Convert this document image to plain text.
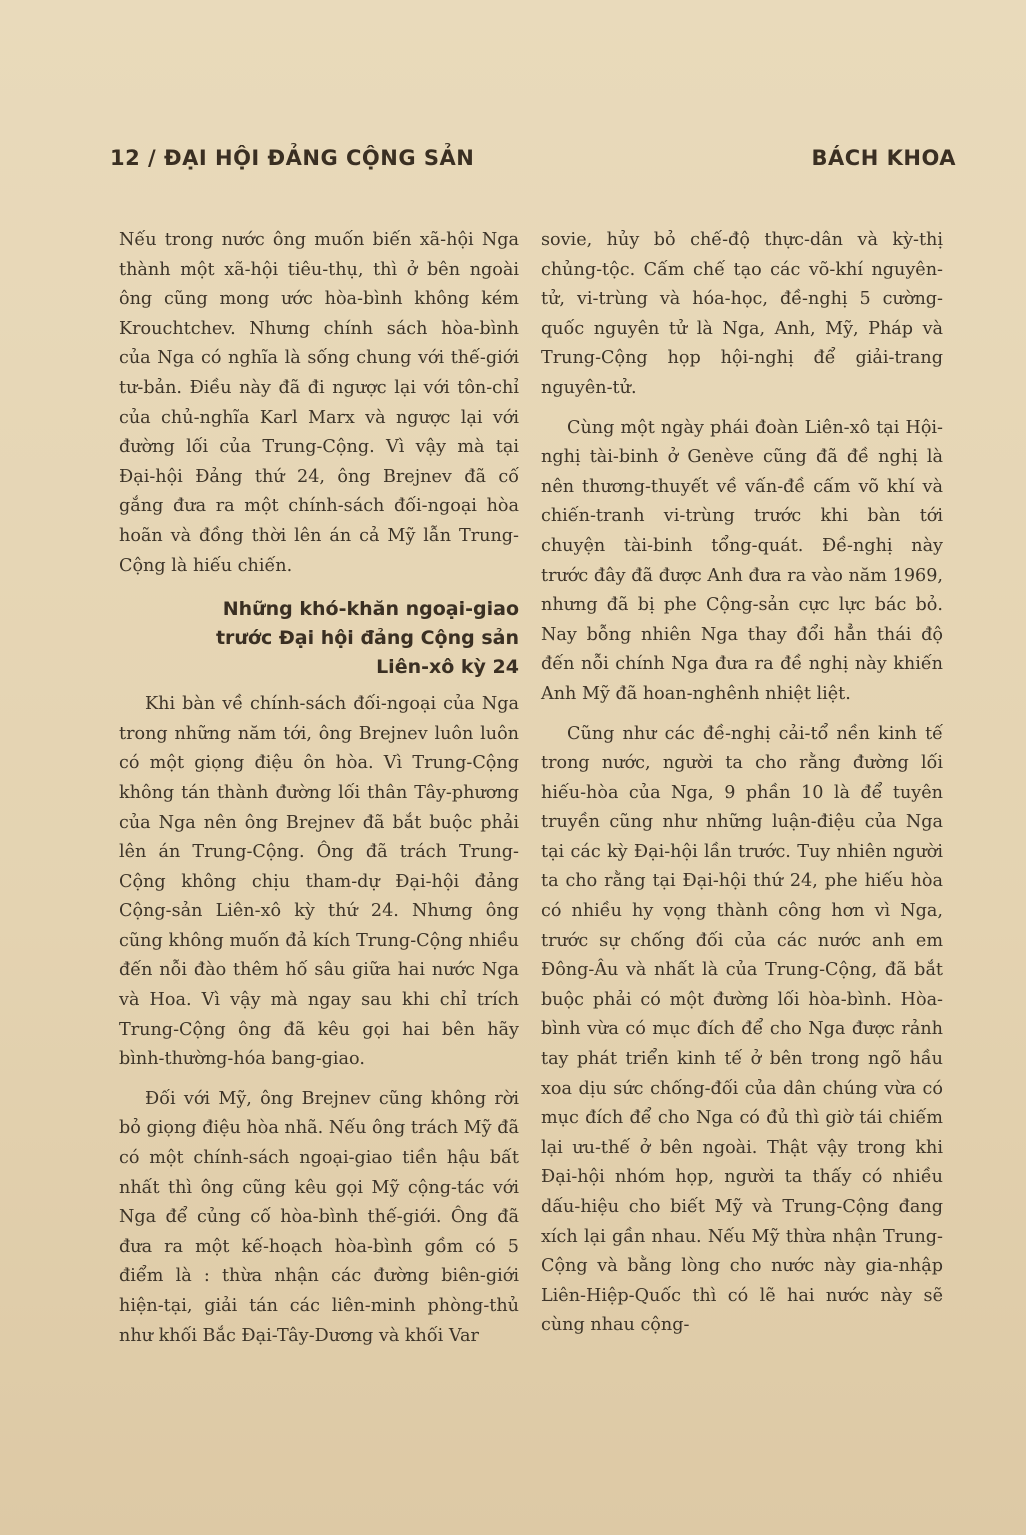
12 / ĐẠI HỘI ĐẢNG CỘNG SẢN	BÁCH KHOA

Nếu trong nước ông muốn biến xã-hội Nga thành một xã-hội tiêu-thụ, thì ở bên ngoài ông cũng mong ước hòa-bình không kém Krouchtchev. Nhưng chính sách hòa-bình của Nga có nghĩa là sống chung với thế-giới tư-bản. Điều này đã đi ngược lại với tôn-chỉ của chủ-nghĩa Karl Marx và ngược lại với đường lối của Trung-Cộng. Vì vậy mà tại Đại-hội Đảng thứ 24, ông Brejnev đã cố gắng đưa ra một chính-sách đối-ngoại hòa hoãn và đồng thời lên án cả Mỹ lẫn Trung-Cộng là hiếu chiến.

Những khó-khăn ngoại-giao
trước Đại hội đảng Cộng sản
Liên-xô kỳ 24

Khi bàn về chính-sách đối-ngoại của Nga trong những năm tới, ông Brejnev luôn luôn có một giọng điệu ôn hòa. Vì Trung-Cộng không tán thành đường lối thân Tây-phương của Nga nên ông Brejnev đã bắt buộc phải lên án Trung-Cộng. Ông đã trách Trung-Cộng không chịu tham-dự Đại-hội đảng Cộng-sản Liên-xô kỳ thứ 24. Nhưng ông cũng không muốn đả kích Trung-Cộng nhiều đến nỗi đào thêm hố sâu giữa hai nước Nga và Hoa. Vì vậy mà ngay sau khi chỉ trích Trung-Cộng ông đã kêu gọi hai bên hãy bình-thường-hóa bang-giao.

Đối với Mỹ, ông Brejnev cũng không rời bỏ giọng điệu hòa nhã. Nếu ông trách Mỹ đã có một chính-sách ngoại-giao tiền hậu bất nhất thì ông cũng kêu gọi Mỹ cộng-tác với Nga để củng cố hòa-bình thế-giới. Ông đã đưa ra một kế-hoạch hòa-bình gồm có 5 điểm là : thừa nhận các đường biên-giới hiện-tại, giải tán các liên-minh phòng-thủ như khối Bắc Đại-Tây-Dương và khối Var

sovie, hủy bỏ chế-độ thực-dân và kỳ-thị chủng-tộc. Cấm chế tạo các võ-khí nguyên-tử, vi-trùng và hóa-học, đề-nghị 5 cường-quốc nguyên tử là Nga, Anh, Mỹ, Pháp và Trung-Cộng họp hội-nghị để giải-trang nguyên-tử.

Cùng một ngày phái đoàn Liên-xô tại Hội-nghị tài-binh ở Genève cũng đã đề nghị là nên thương-thuyết về vấn-đề cấm võ khí và chiến-tranh vi-trùng trước khi bàn tới chuyện tài-binh tổng-quát. Đề-nghị này trước đây đã được Anh đưa ra vào năm 1969, nhưng đã bị phe Cộng-sản cực lực bác bỏ. Nay bỗng nhiên Nga thay đổi hẳn thái độ đến nỗi chính Nga đưa ra đề nghị này khiến Anh Mỹ đã hoan-nghênh nhiệt liệt.

Cũng như các đề-nghị cải-tổ nền kinh tế trong nước, người ta cho rằng đường lối hiếu-hòa của Nga, 9 phần 10 là để tuyên truyền cũng như những luận-điệu của Nga tại các kỳ Đại-hội lần trước. Tuy nhiên người ta cho rằng tại Đại-hội thứ 24, phe hiếu hòa có nhiều hy vọng thành công hơn vì Nga, trước sự chống đối của các nước anh em Đông-Âu và nhất là của Trung-Cộng, đã bắt buộc phải có một đường lối hòa-bình. Hòa-bình vừa có mục đích để cho Nga được rảnh tay phát triển kinh tế ở bên trong ngõ hầu xoa dịu sức chống-đối của dân chúng vừa có mục đích để cho Nga có đủ thì giờ tái chiếm lại ưu-thế ở bên ngoài. Thật vậy trong khi Đại-hội nhóm họp, người ta thấy có nhiều dấu-hiệu cho biết Mỹ và Trung-Cộng đang xích lại gần nhau. Nếu Mỹ thừa nhận Trung-Cộng và bằng lòng cho nước này gia-nhập Liên-Hiệp-Quốc thì có lẽ hai nước này sẽ cùng nhau cộng-
